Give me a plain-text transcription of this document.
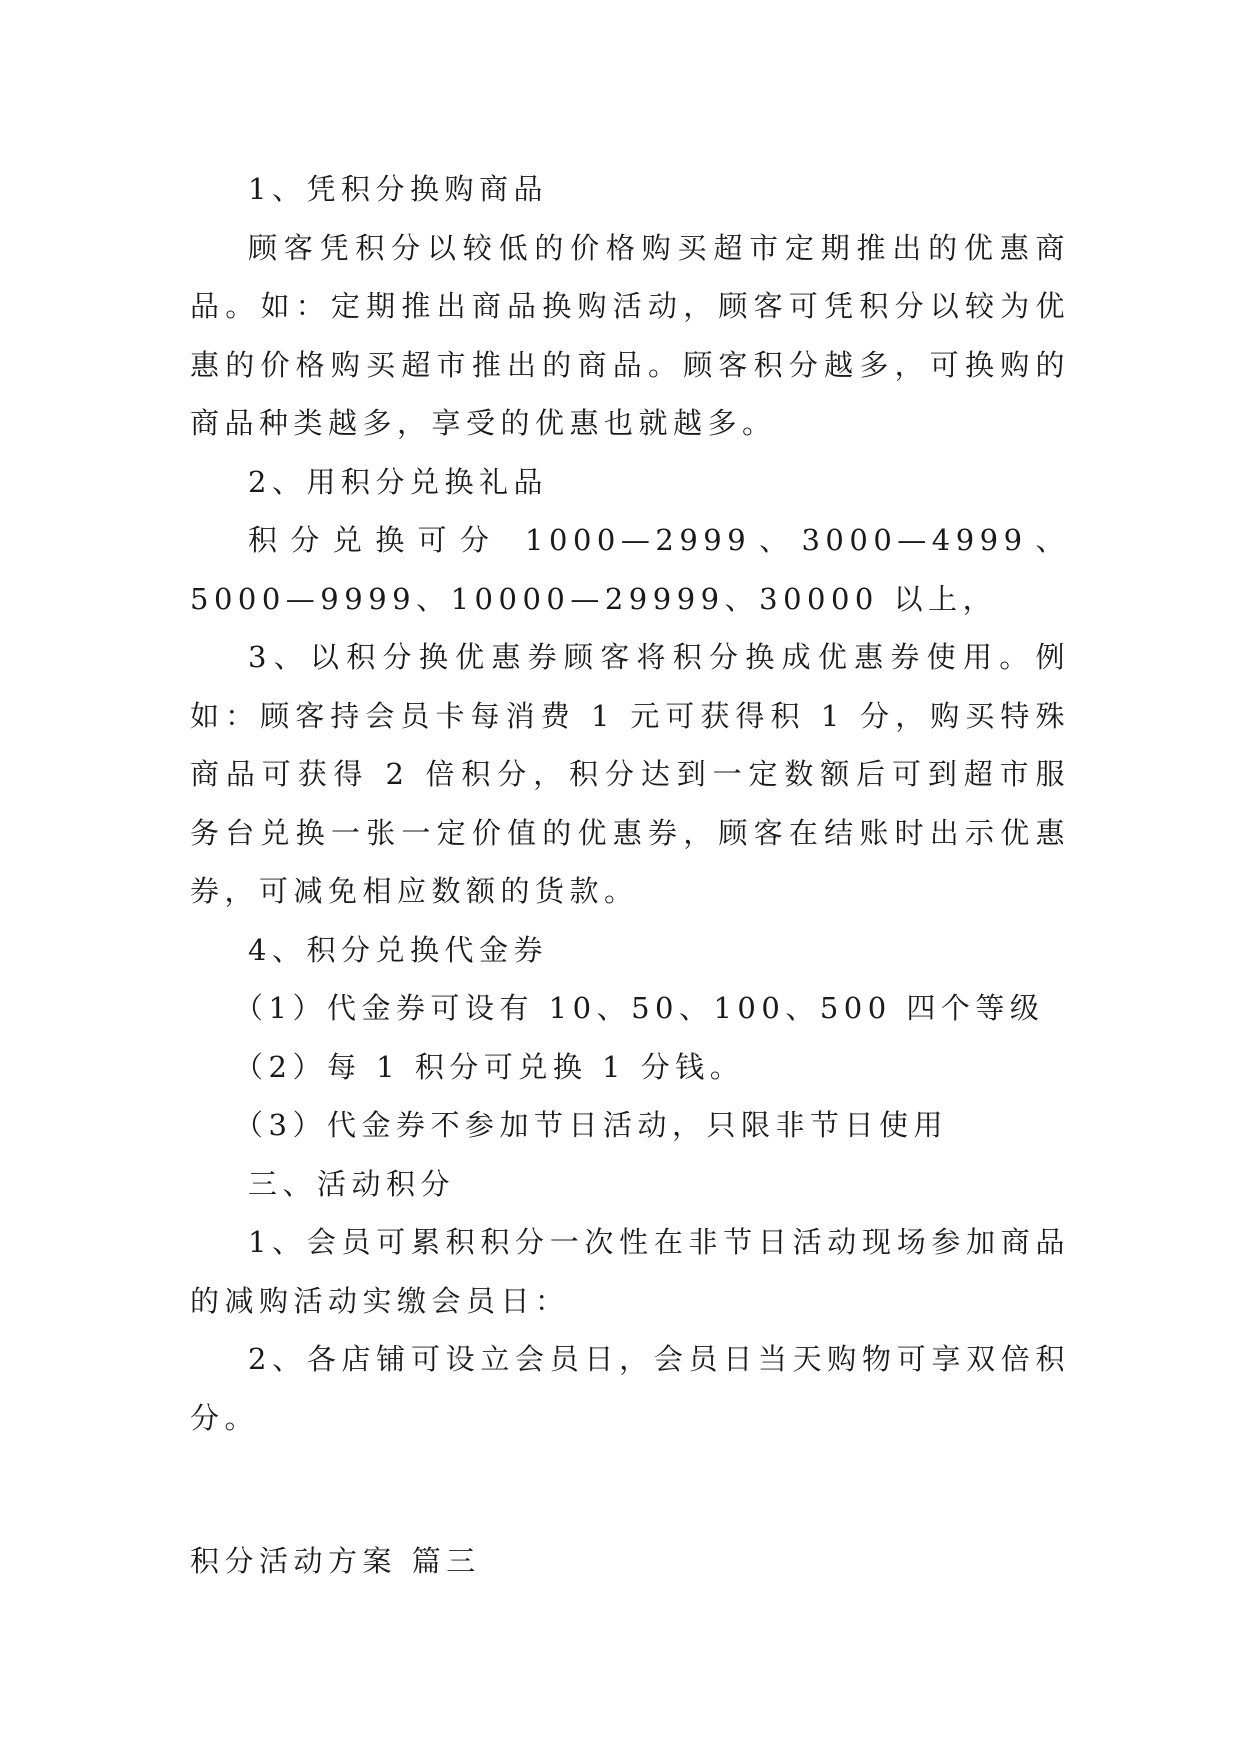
1、凭积分换购商品

顾客凭积分以较低的价格购买超市定期推出的优惠商品。如：定期推出商品换购活动，顾客可凭积分以较为优惠的价格购买超市推出的商品。顾客积分越多，可换购的商品种类越多，享受的优惠也就越多。

2、用积分兑换礼品

积分兑换可分 1000—2999、3000—4999、5000—9999、10000—29999、30000 以上，

3、以积分换优惠券顾客将积分换成优惠券使用。例如：顾客持会员卡每消费 1 元可获得积 1 分，购买特殊商品可获得 2 倍积分，积分达到一定数额后可到超市服务台兑换一张一定价值的优惠券，顾客在结账时出示优惠券，可减免相应数额的货款。

4、积分兑换代金券

（1）代金券可设有 10、50、100、500 四个等级

（2）每 1 积分可兑换 1 分钱。

（3）代金券不参加节日活动，只限非节日使用

三、活动积分

1、会员可累积积分一次性在非节日活动现场参加商品的减购活动实缴会员日：

2、各店铺可设立会员日，会员日当天购物可享双倍积分。

积分活动方案 篇三
